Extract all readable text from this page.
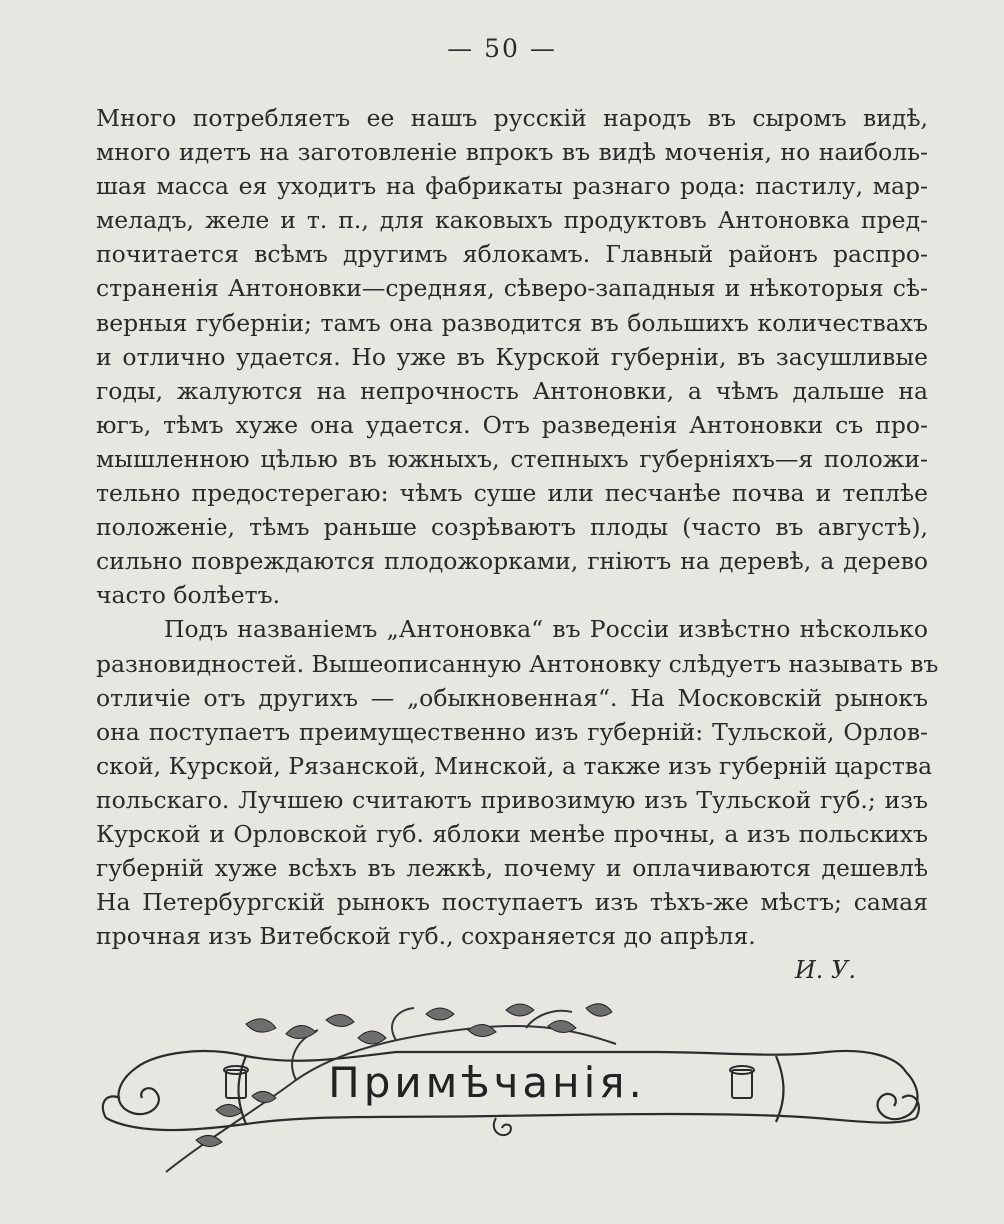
— 50 —
Много потребляетъ ее нашъ русскій народъ въ сыромъ видѣ,
много идетъ на заготовленіе впрокъ въ видѣ моченія, но наиболь-
шая масса ея уходитъ на фабрикаты разнаго рода: пастилу, мар-
меладъ, желе и т. п., для каковыхъ продуктовъ Антоновка пред-
почитается всѣмъ другимъ яблокамъ. Главный районъ распро-
страненія Антоновки—средняя, сѣверо-западныя и нѣкоторыя сѣ-
верныя губерніи; тамъ она разводится въ большихъ количествахъ
и отлично удается. Но уже въ Курской губерніи, въ засушливые
годы, жалуются на непрочность Антоновки, а чѣмъ дальше на
югъ, тѣмъ хуже она удается. Отъ разведенія Антоновки съ про-
мышленною цѣлью въ южныхъ, степныхъ губерніяхъ—я положи-
тельно предостерегаю: чѣмъ суше или песчанѣе почва и теплѣе
положеніе, тѣмъ раньше созрѣваютъ плоды (часто въ августѣ),
сильно повреждаются плодожорками, гніютъ на деревѣ, а дерево
часто болѣетъ.
Подъ названіемъ „Антоновка“ въ Россіи извѣстно нѣсколько
разновидностей. Вышеописанную Антоновку слѣдуетъ называть въ
отличіе отъ другихъ — „обыкновенная“. На Московскій рынокъ
она поступаетъ преимущественно изъ губерній: Тульской, Орлов-
ской, Курской, Рязанской, Минской, а также изъ губерній царства
польскаго. Лучшею считаютъ привозимую изъ Тульской губ.; изъ
Курской и Орловской губ. яблоки менѣе прочны, а изъ польскихъ
губерній хуже всѣхъ въ лежкѣ, почему и оплачиваются дешевлѣ
На Петербургскій рынокъ поступаетъ изъ тѣхъ-же мѣстъ; самая
прочная изъ Витебской губ., сохраняется до апрѣля.
И. У.
Примѣчанія.
